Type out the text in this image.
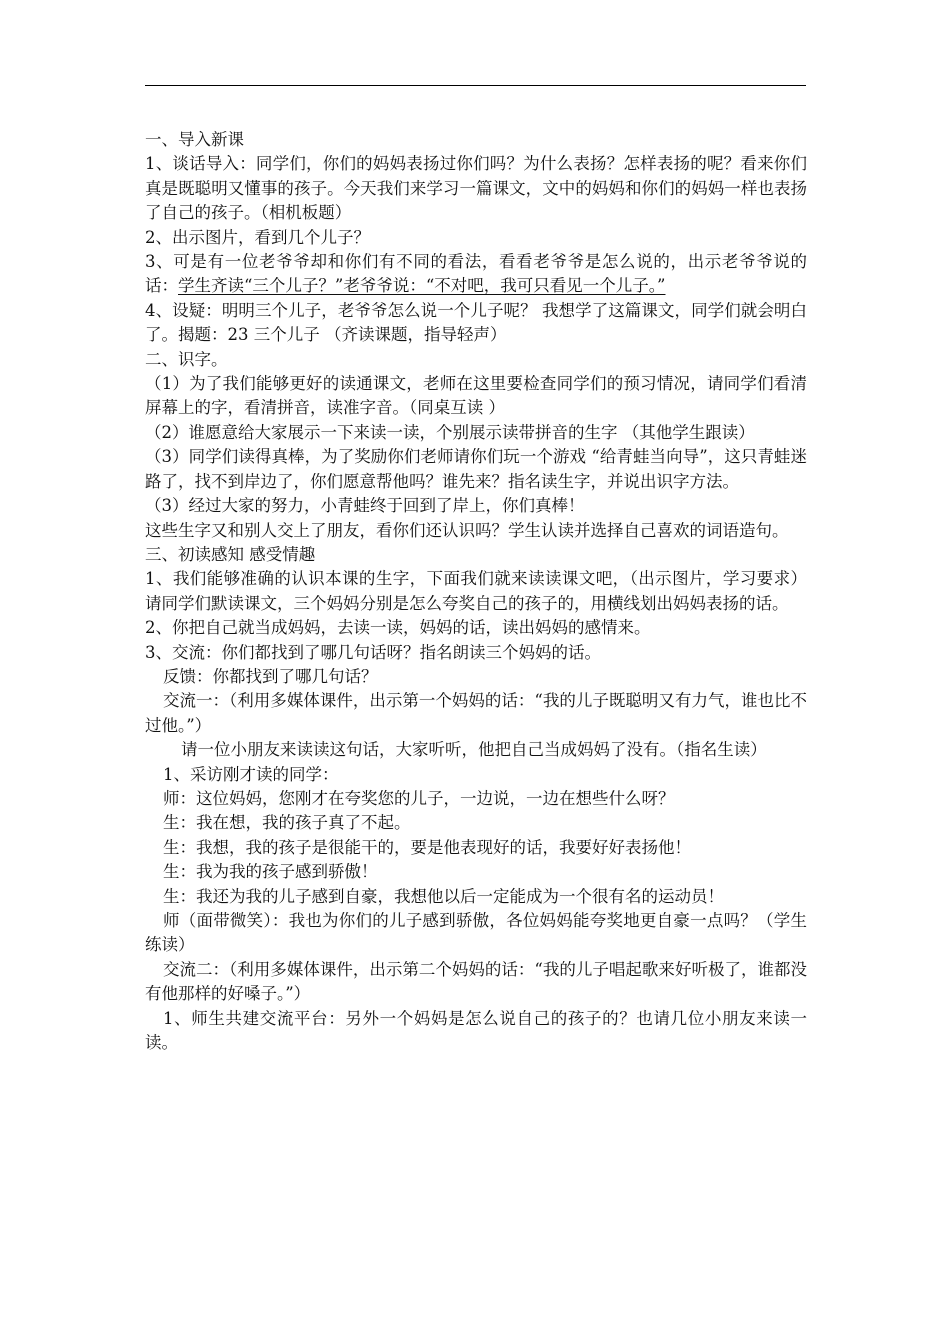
一、导入新课

1、谈话导入：同学们，你们的妈妈表扬过你们吗？为什么表扬？怎样表扬的呢？看来你们真是既聪明又懂事的孩子。今天我们来学习一篇课文，文中的妈妈和你们的妈妈一样也表扬了自己的孩子。（相机板题）

2、出示图片，看到几个儿子？

3、可是有一位老爷爷却和你们有不同的看法，看看老爷爷是怎么说的，出示老爷爷说的话：学生齐读“三个儿子？”老爷爷说：“不对吧，我可只看见一个儿子。”

4、设疑：明明三个儿子，老爷爷怎么说一个儿子呢？ 我想学了这篇课文，同学们就会明白了。揭题：23 三个儿子 （齐读课题，指导轻声）

二、识字。

（1）为了我们能够更好的读通课文，老师在这里要检查同学们的预习情况，请同学们看清屏幕上的字，看清拼音，读准字音。（同桌互读 ）

（2）谁愿意给大家展示一下来读一读，个别展示读带拼音的生字 （其他学生跟读）

（3）同学们读得真棒，为了奖励你们老师请你们玩一个游戏 “给青蛙当向导”，这只青蛙迷路了，找不到岸边了，你们愿意帮他吗？谁先来？指名读生字，并说出识字方法。

（3）经过大家的努力，小青蛙终于回到了岸上，你们真棒！

这些生字又和别人交上了朋友，看你们还认识吗？学生认读并选择自己喜欢的词语造句。

三、初读感知 感受情趣

1、我们能够准确的认识本课的生字，下面我们就来读读课文吧，（出示图片，学习要求）请同学们默读课文，三个妈妈分别是怎么夸奖自己的孩子的，用横线划出妈妈表扬的话。

2、你把自己就当成妈妈，去读一读，妈妈的话，读出妈妈的感情来。

3、交流：你们都找到了哪几句话呀？指名朗读三个妈妈的话。

反馈：你都找到了哪几句话？

交流一：（利用多媒体课件，出示第一个妈妈的话：“我的儿子既聪明又有力气，谁也比不过他。”）

请一位小朋友来读读这句话，大家听听，他把自己当成妈妈了没有。（指名生读）

1、采访刚才读的同学：

师：这位妈妈，您刚才在夸奖您的儿子，一边说，一边在想些什么呀？

生：我在想，我的孩子真了不起。

生：我想，我的孩子是很能干的，要是他表现好的话，我要好好表扬他！

生：我为我的孩子感到骄傲！

生：我还为我的儿子感到自豪，我想他以后一定能成为一个很有名的运动员！

师（面带微笑）：我也为你们的儿子感到骄傲，各位妈妈能夸奖地更自豪一点吗？（学生练读）

交流二：（利用多媒体课件，出示第二个妈妈的话：“我的儿子唱起歌来好听极了，谁都没有他那样的好嗓子。”）

1、师生共建交流平台：另外一个妈妈是怎么说自己的孩子的？也请几位小朋友来读一读。
